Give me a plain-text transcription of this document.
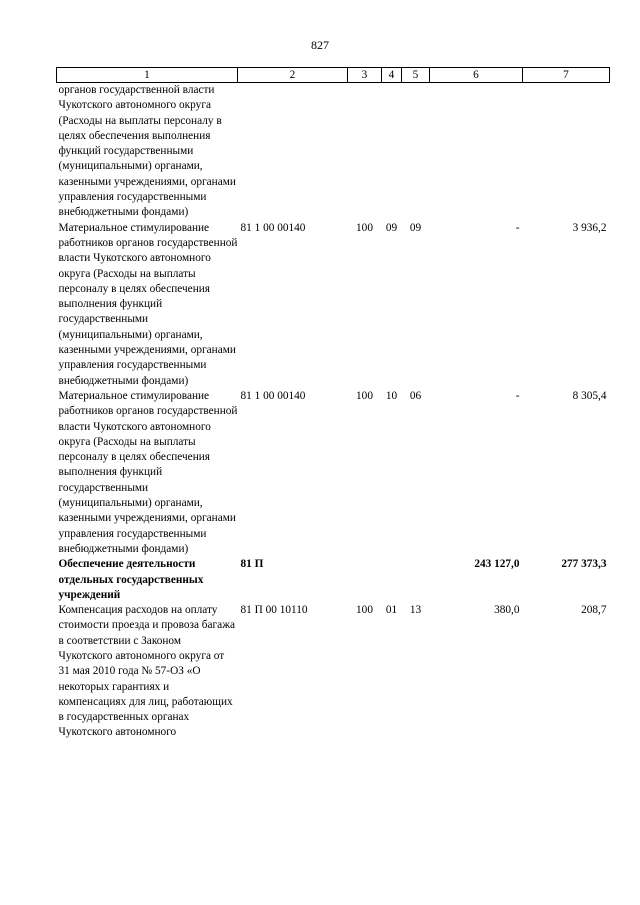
827
1	2	3	4	5	6	7
органов государственной власти Чукотского автономного округа (Расходы на выплаты персоналу в целях обеспечения выполнения функций государственными (муниципальными) органами, казенными учреждениями, органами управления государственными внебюджетными фондами)						
Материальное стимулирование работников органов государственной власти Чукотского автономного округа (Расходы на выплаты персоналу в целях обеспечения выполнения функций государственными (муниципальными) органами, казенными учреждениями, органами управления государственными внебюджетными фондами)	81 1 00 00140	100	09	09	-	3 936,2
Материальное стимулирование работников органов государственной власти Чукотского автономного округа (Расходы на выплаты персоналу в целях обеспечения выполнения функций государственными (муниципальными) органами, казенными учреждениями, органами управления государственными внебюджетными фондами)	81 1 00 00140	100	10	06	-	8 305,4
Обеспечение деятельности отдельных государственных учреждений	81 П				243 127,0	277 373,3
Компенсация расходов на оплату стоимости проезда и провоза багажа в соответствии с Законом Чукотского автономного округа от 31 мая 2010 года № 57-ОЗ «О некоторых гарантиях и компенсациях для лиц, работающих в государственных органах Чукотского автономного	81 П 00 10110	100	01	13	380,0	208,7
